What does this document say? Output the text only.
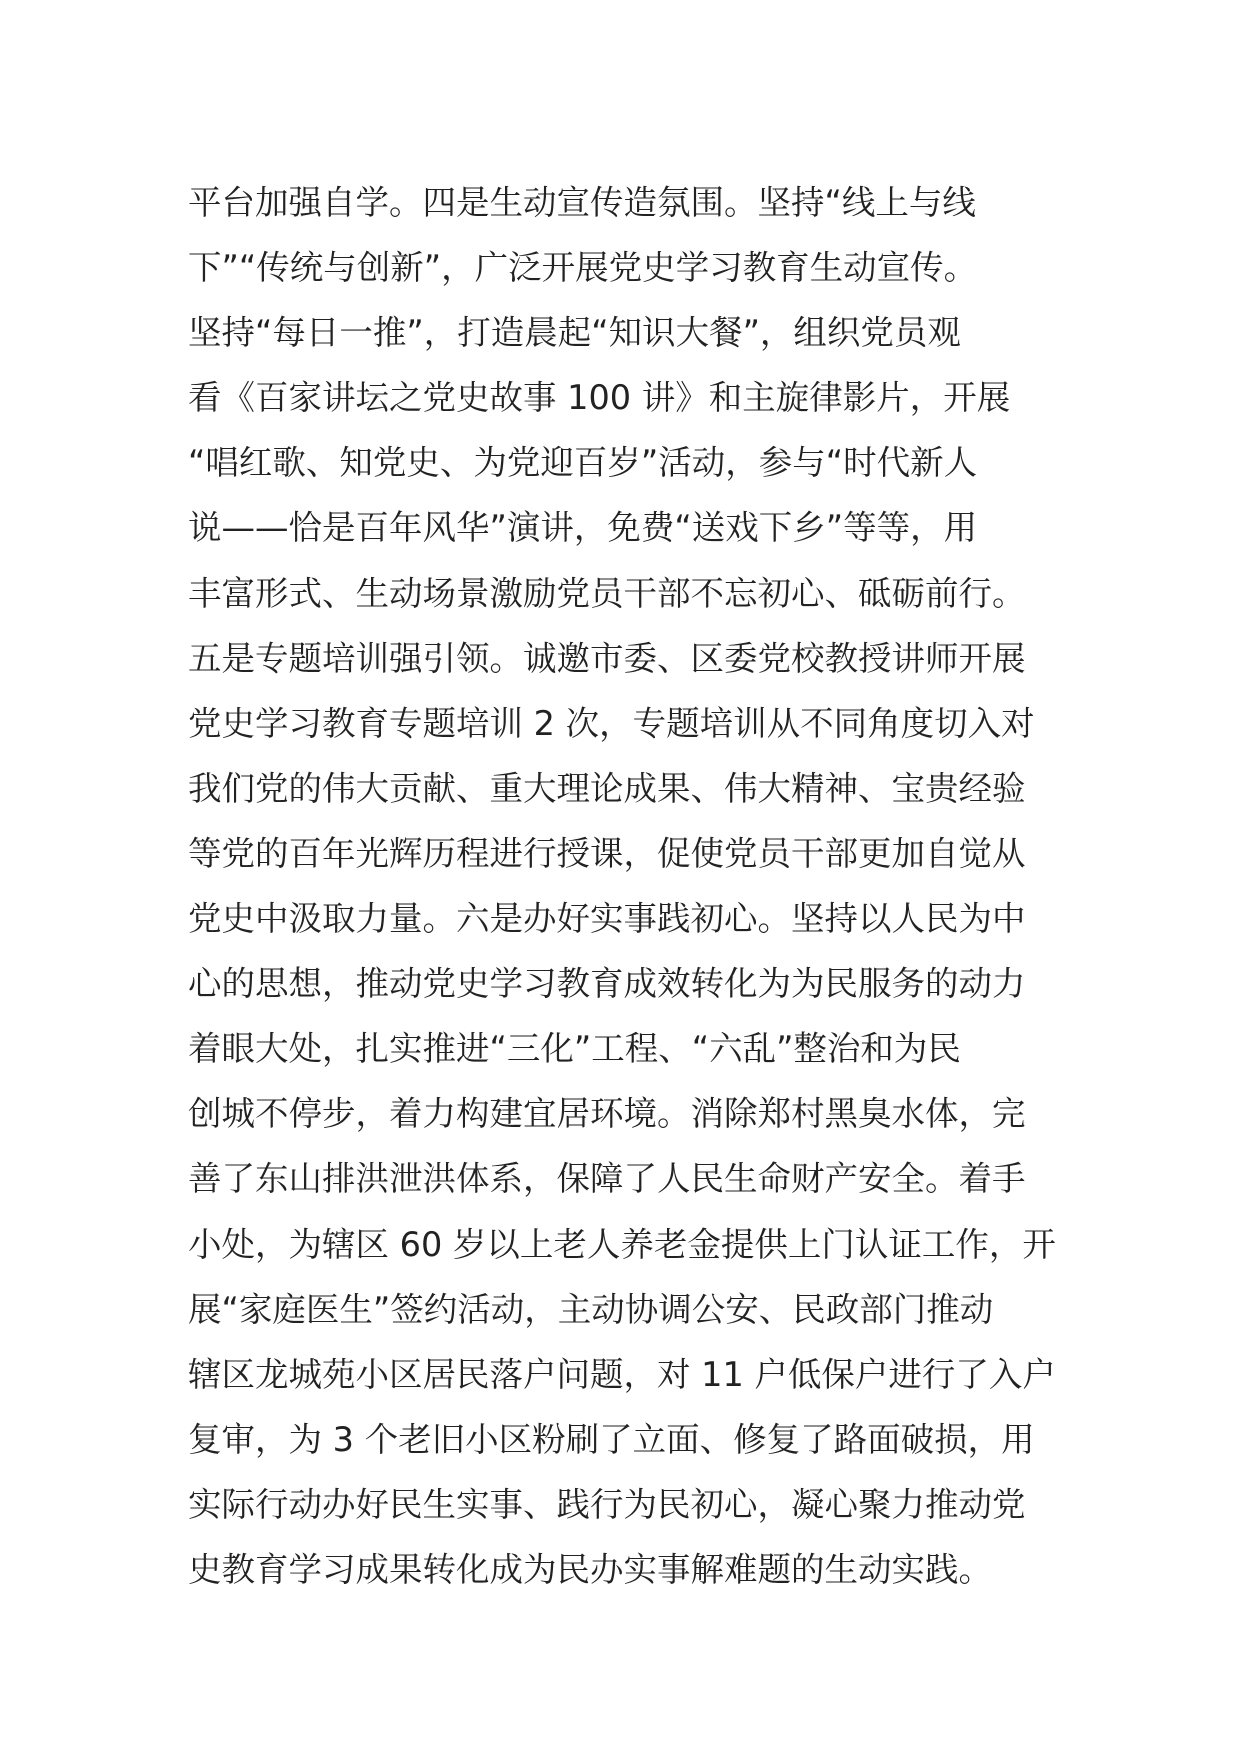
平台加强自学。四是生动宣传造氛围。坚持“线上与线
下”“传统与创新”，广泛开展党史学习教育生动宣传。
坚持“每日一推”，打造晨起“知识大餐”，组织党员观
看《百家讲坛之党史故事 100 讲》和主旋律影片，开展
“唱红歌、知党史、为党迎百岁”活动，参与“时代新人
说——恰是百年风华”演讲，免费“送戏下乡”等等，用
丰富形式、生动场景激励党员干部不忘初心、砥砺前行。
五是专题培训强引领。诚邀市委、区委党校教授讲师开展
党史学习教育专题培训 2 次，专题培训从不同角度切入对
我们党的伟大贡献、重大理论成果、伟大精神、宝贵经验
等党的百年光辉历程进行授课，促使党员干部更加自觉从
党史中汲取力量。六是办好实事践初心。坚持以人民为中
心的思想，推动党史学习教育成效转化为为民服务的动力
着眼大处，扎实推进“三化”工程、“六乱”整治和为民
创城不停步，着力构建宜居环境。消除郑村黑臭水体，完
善了东山排洪泄洪体系，保障了人民生命财产安全。着手
小处，为辖区 60 岁以上老人养老金提供上门认证工作，开
展“家庭医生”签约活动，主动协调公安、民政部门推动
辖区龙城苑小区居民落户问题，对 11 户低保户进行了入户
复审，为 3 个老旧小区粉刷了立面、修复了路面破损，用
实际行动办好民生实事、践行为民初心，凝心聚力推动党
史教育学习成果转化成为民办实事解难题的生动实践。
